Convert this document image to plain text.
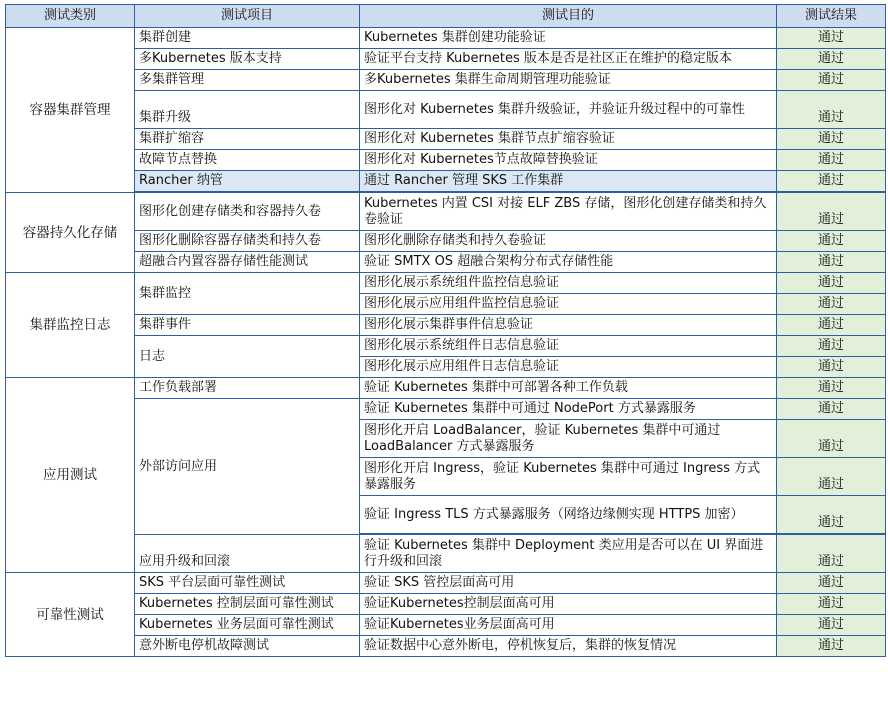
测试类别	测试项目	测试目的	测试结果
容器集群管理	集群创建	Kubernetes 集群创建功能验证	通过
	多Kubernetes 版本支持	验证平台支持 Kubernetes 版本是否是社区正在维护的稳定版本	通过
	多集群管理	多Kubernetes 集群生命周期管理功能验证	通过
	集群升级	图形化对 Kubernetes 集群升级验证，并验证升级过程中的可靠性	通过
	集群扩缩容	图形化对 Kubernetes 集群节点扩缩容验证	通过
	故障节点替换	图形化对 Kubernetes节点故障替换验证	通过
	Rancher 纳管	通过 Rancher 管理 SKS 工作集群	通过

容器持久化存储	图形化创建存储类和容器持久卷	Kubernetes 内置 CSI 对接 ELF ZBS 存储，图形化创建存储类和持久卷验证	通过
	图形化删除容器存储类和持久卷	图形化删除存储类和持久卷验证	通过
	超融合内置容器存储性能测试	验证 SMTX OS 超融合架构分布式存储性能	通过
集群监控日志	集群监控	图形化展示系统组件监控信息验证	通过
		图形化展示应用组件监控信息验证	通过
	集群事件	图形化展示集群事件信息验证	通过
	日志	图形化展示系统组件日志信息验证	通过
		图形化展示应用组件日志信息验证	通过
应用测试	工作负载部署	验证 Kubernetes 集群中可部署各种工作负载	通过
	外部访问应用	验证 Kubernetes 集群中可通过 NodePort 方式暴露服务	通过
		图形化开启 LoadBalancer，验证 Kubernetes 集群中可通过 LoadBalancer 方式暴露服务	通过
		图形化开启 Ingress，验证 Kubernetes 集群中可通过 Ingress 方式暴露服务	通过
		验证 Ingress TLS 方式暴露服务（网络边缘侧实现 HTTPS 加密）	通过

	应用升级和回滚	验证 Kubernetes 集群中 Deployment 类应用是否可以在 UI 界面进行升级和回滚	通过
可靠性测试	SKS 平台层面可靠性测试	验证 SKS 管控层面高可用	通过
	Kubernetes 控制层面可靠性测试	验证Kubernetes控制层面高可用	通过
	Kubernetes 业务层面可靠性测试	验证Kubernetes业务层面高可用	通过
	意外断电停机故障测试	验证数据中心意外断电，停机恢复后，集群的恢复情况	通过
